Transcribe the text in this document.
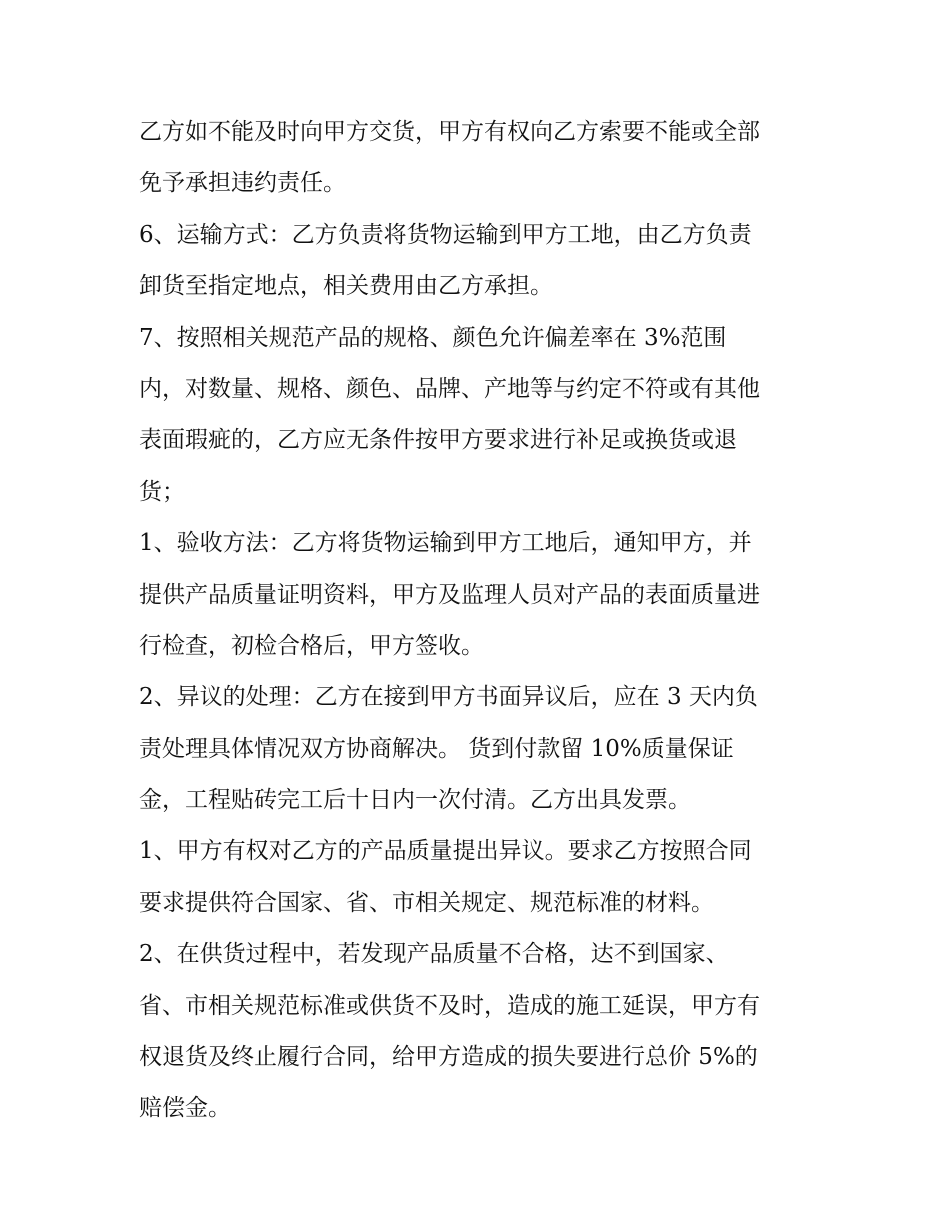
乙方如不能及时向甲方交货，甲方有权向乙方索要不能或全部
免予承担违约责任。
6、运输方式：乙方负责将货物运输到甲方工地，由乙方负责
卸货至指定地点，相关费用由乙方承担。
7、按照相关规范产品的规格、颜色允许偏差率在 3%范围
内，对数量、规格、颜色、品牌、产地等与约定不符或有其他
表面瑕疵的，乙方应无条件按甲方要求进行补足或换货或退
货；
1、验收方法：乙方将货物运输到甲方工地后，通知甲方，并
提供产品质量证明资料，甲方及监理人员对产品的表面质量进
行检查，初检合格后，甲方签收。
2、异议的处理：乙方在接到甲方书面异议后，应在 3 天内负
责处理具体情况双方协商解决。 货到付款留 10%质量保证
金，工程贴砖完工后十日内一次付清。乙方出具发票。
1、甲方有权对乙方的产品质量提出异议。要求乙方按照合同
要求提供符合国家、省、市相关规定、规范标准的材料。
2、在供货过程中，若发现产品质量不合格，达不到国家、
省、市相关规范标准或供货不及时，造成的施工延误，甲方有
权退货及终止履行合同，给甲方造成的损失要进行总价 5%的
赔偿金。
